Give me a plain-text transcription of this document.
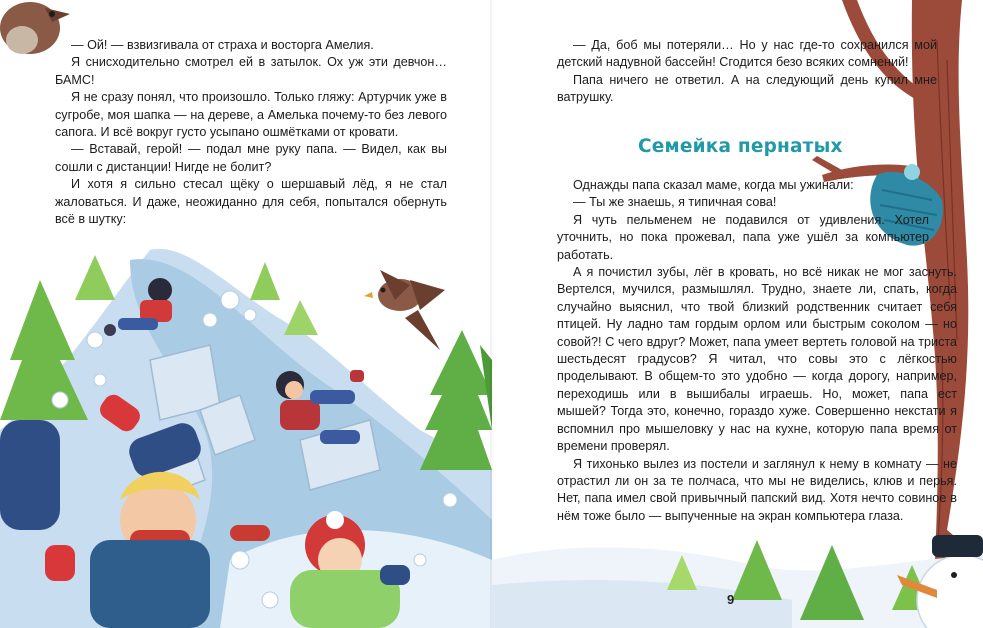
— Ой! — взвизгивала от страха и восторга Амелия.

Я снисходительно смотрел ей в затылок. Ох уж эти девчон… БАМС!

Я не сразу понял, что произошло. Только гляжу: Артурчик уже в сугробе, моя шапка — на дереве, а Амелька почему-то без левого сапога. И всё вокруг густо усыпано ошмётками от кровати.

— Вставай, герой! — подал мне руку папа. — Видел, как вы сошли с дистанции! Нигде не болит?

И хотя я сильно стесал щёку о шершавый лёд, я не стал жаловаться. И даже, неожиданно для себя, попытался обернуть всё в шутку:

— Да, боб мы потеряли… Но у нас где-то сохранился мой детский надувной бассейн! Сгодится безо всяких сомнений!

Папа ничего не ответил. А на следующий день купил мне ватрушку.

Семейка пернатых

Однажды папа сказал маме, когда мы ужинали:

— Ты же знаешь, я типичная сова!

Я чуть пельменем не подавился от удивления. Хотел уточнить, но пока прожевал, папа уже ушёл за компьютер работать.

А я почистил зубы, лёг в кровать, но всё никак не мог заснуть. Вертелся, мучился, размышлял. Трудно, знаете ли, спать, когда случайно выяснил, что твой близкий родственник считает себя птицей. Ну ладно там гордым орлом или быстрым соколом — но совой?! С чего вдруг? Может, папа умеет вертеть головой на триста шестьдесят градусов? Я читал, что совы это с лёгкостью проделывают. В общем-то это удобно — когда дорогу, например, переходишь или в вышибалы играешь. Но, может, папа ест мышей? Тогда это, конечно, гораздо хуже. Совершенно некстати я вспомнил про мышеловку у нас на кухне, которую папа время от времени проверял.

Я тихонько вылез из постели и заглянул к нему в комнату — не отрастил ли он за те полчаса, что мы не виделись, клюв и перья. Нет, папа имел свой привычный папский вид. Хотя нечто совиное в нём тоже было — выпученные на экран компьютера глаза.

9
